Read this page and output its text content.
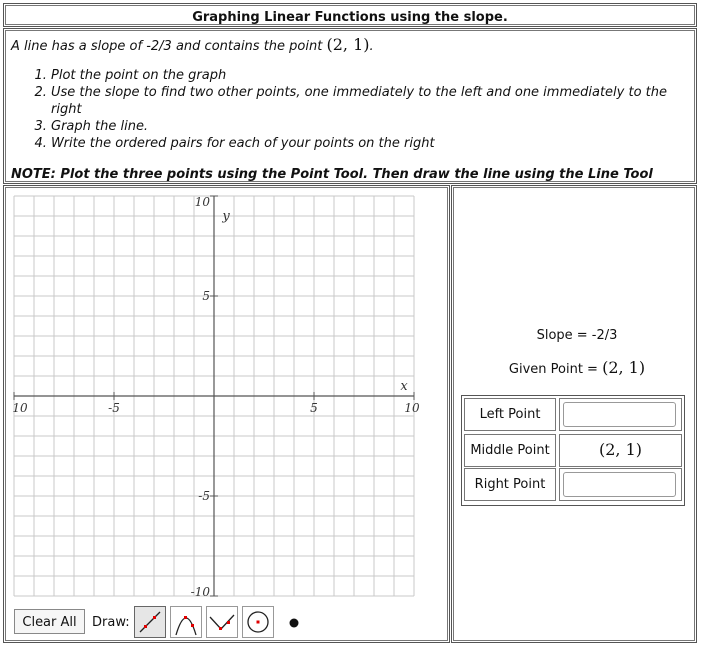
Graphing Linear Functions using the slope.
A line has a slope of -2/3 and contains the point (2, 1).
1. Plot the point on the graph
2. Use the slope to find two other points, one immediately to the left and one immediately to the right
3. Graph the line.
4. Write the ordered pairs for each of your points on the right
NOTE: Plot the three points using the Point Tool. Then draw the line using the Line Tool
10	-5	5	10
10
5
-5
-10
y
x
Clear All	Draw:
Slope = -2/3
Given Point = (2, 1)
Left Point
Middle Point	(2, 1)
Right Point
